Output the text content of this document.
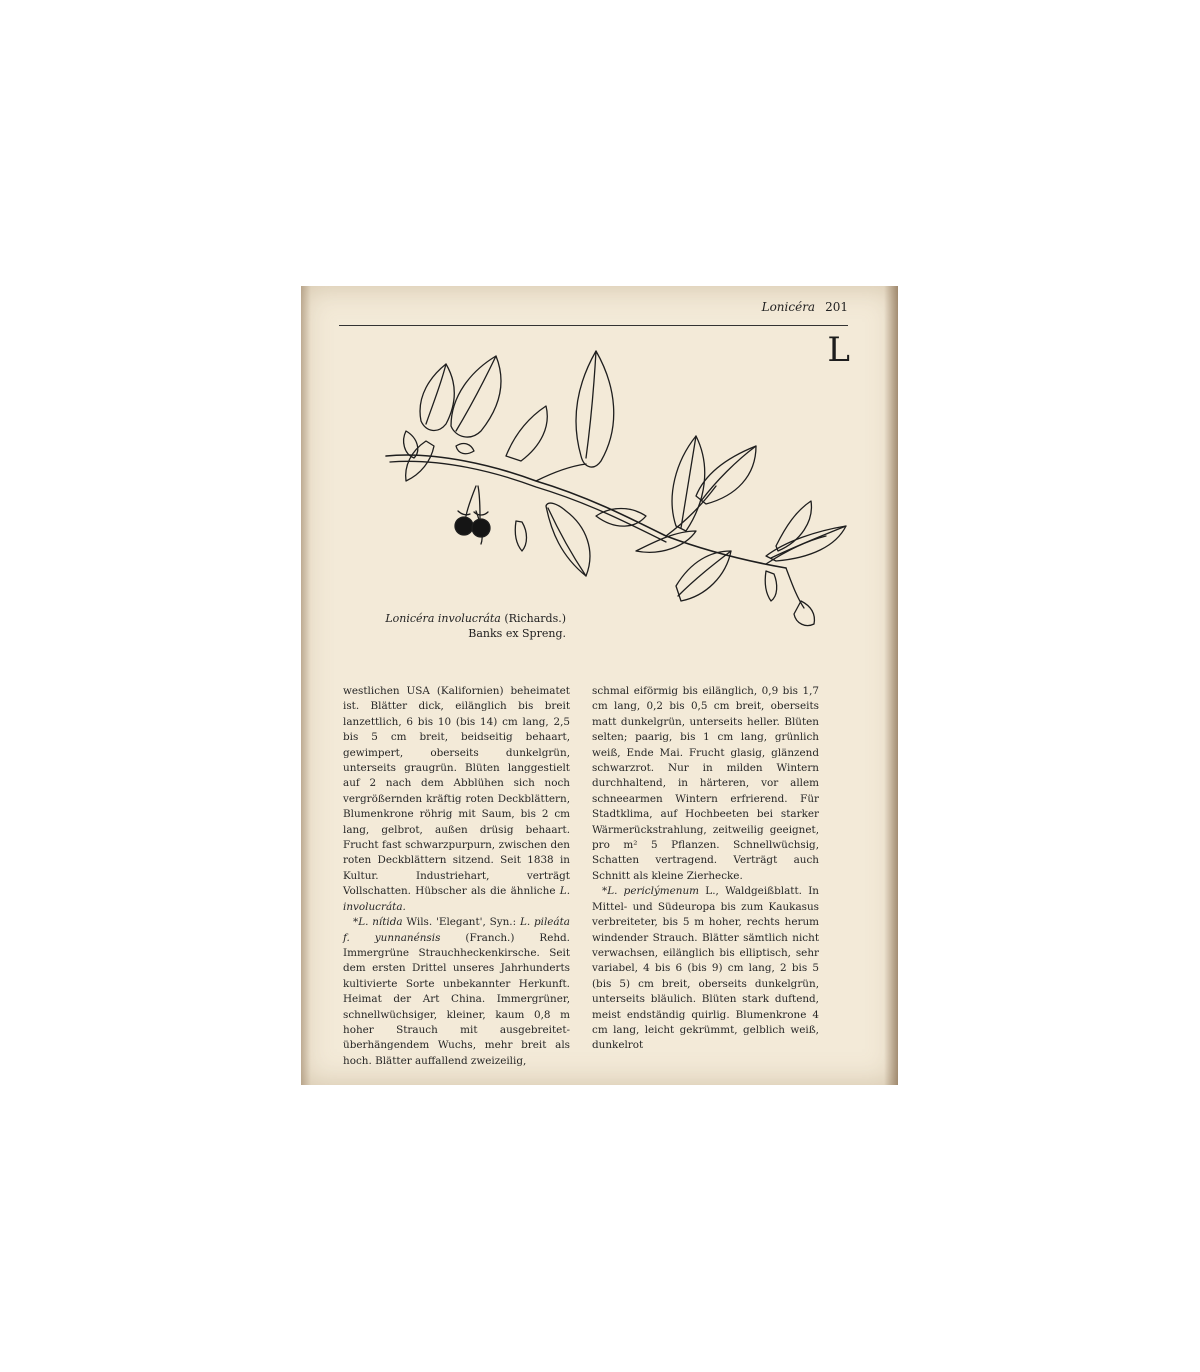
Lonicéra 201
L
Lonicéra involucráta (Richards.)
Banks ex Spreng.

westlichen USA (Kalifornien) beheimatet ist. Blätter dick, eilänglich bis breit lanzettlich, 6 bis 10 (bis 14) cm lang, 2,5 bis 5 cm breit, beidseitig behaart, gewimpert, oberseits dunkelgrün, unterseits graugrün. Blüten langgestielt auf 2 nach dem Abblühen sich noch vergrößernden kräftig roten Deckblättern, Blumenkrone röhrig mit Saum, bis 2 cm lang, gelbrot, außen drüsig behaart. Frucht fast schwarzpurpurn, zwischen den roten Deckblättern sitzend. Seit 1838 in Kultur. Industriehart, verträgt Vollschatten. Hübscher als die ähnliche L. involucráta.

*L. nítida Wils. 'Elegant', Syn.: L. pileáta f. yunnanénsis (Franch.) Rehd. Immergrüne Strauchheckenkirsche. Seit dem ersten Drittel unseres Jahrhunderts kultivierte Sorte unbekannter Herkunft. Heimat der Art China. Immergrüner, schnellwüchsiger, kleiner, kaum 0,8 m hoher Strauch mit ausgebreitet-überhängendem Wuchs, mehr breit als hoch. Blätter auffallend zweizeilig,

schmal eiförmig bis eilänglich, 0,9 bis 1,7 cm lang, 0,2 bis 0,5 cm breit, oberseits matt dunkelgrün, unterseits heller. Blüten selten; paarig, bis 1 cm lang, grünlich weiß, Ende Mai. Frucht glasig, glänzend schwarzrot. Nur in milden Wintern durchhaltend, in härteren, vor allem schneearmen Wintern erfrierend. Für Stadtklima, auf Hochbeeten bei starker Wärmerückstrahlung, zeitweilig geeignet, pro m² 5 Pflanzen. Schnellwüchsig, Schatten vertragend. Verträgt auch Schnitt als kleine Zierhecke.

*L. periclýmenum L., Waldgeißblatt. In Mittel- und Südeuropa bis zum Kaukasus verbreiteter, bis 5 m hoher, rechts herum windender Strauch. Blätter sämtlich nicht verwachsen, eilänglich bis elliptisch, sehr variabel, 4 bis 6 (bis 9) cm lang, 2 bis 5 (bis 5) cm breit, oberseits dunkelgrün, unterseits bläulich. Blüten stark duftend, meist endständig quirlig. Blumenkrone 4 cm lang, leicht gekrümmt, gelblich weiß, dunkelrot
